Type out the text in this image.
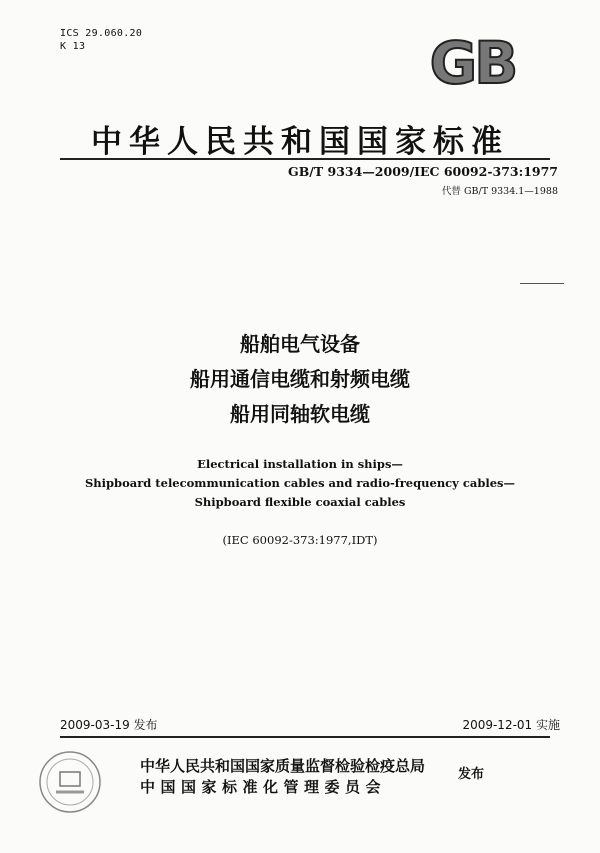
ICS 29.060.20
K 13	GB
中华人民共和国国家标准
GB/T 9334—2009/IEC 60092-373:1977
代替 GB/T 9334.1—1988
船舶电气设备
船用通信电缆和射频电缆
船用同轴软电缆
Electrical installation in ships—
Shipboard telecommunication cables and radio-frequency cables—
Shipboard flexible coaxial cables
(IEC 60092-373:1977,IDT)
2009-03-19 发布	2009-12-01 实施
中华人民共和国国家质量监督检验检疫总局
中国国家标准化管理委员会
发布
